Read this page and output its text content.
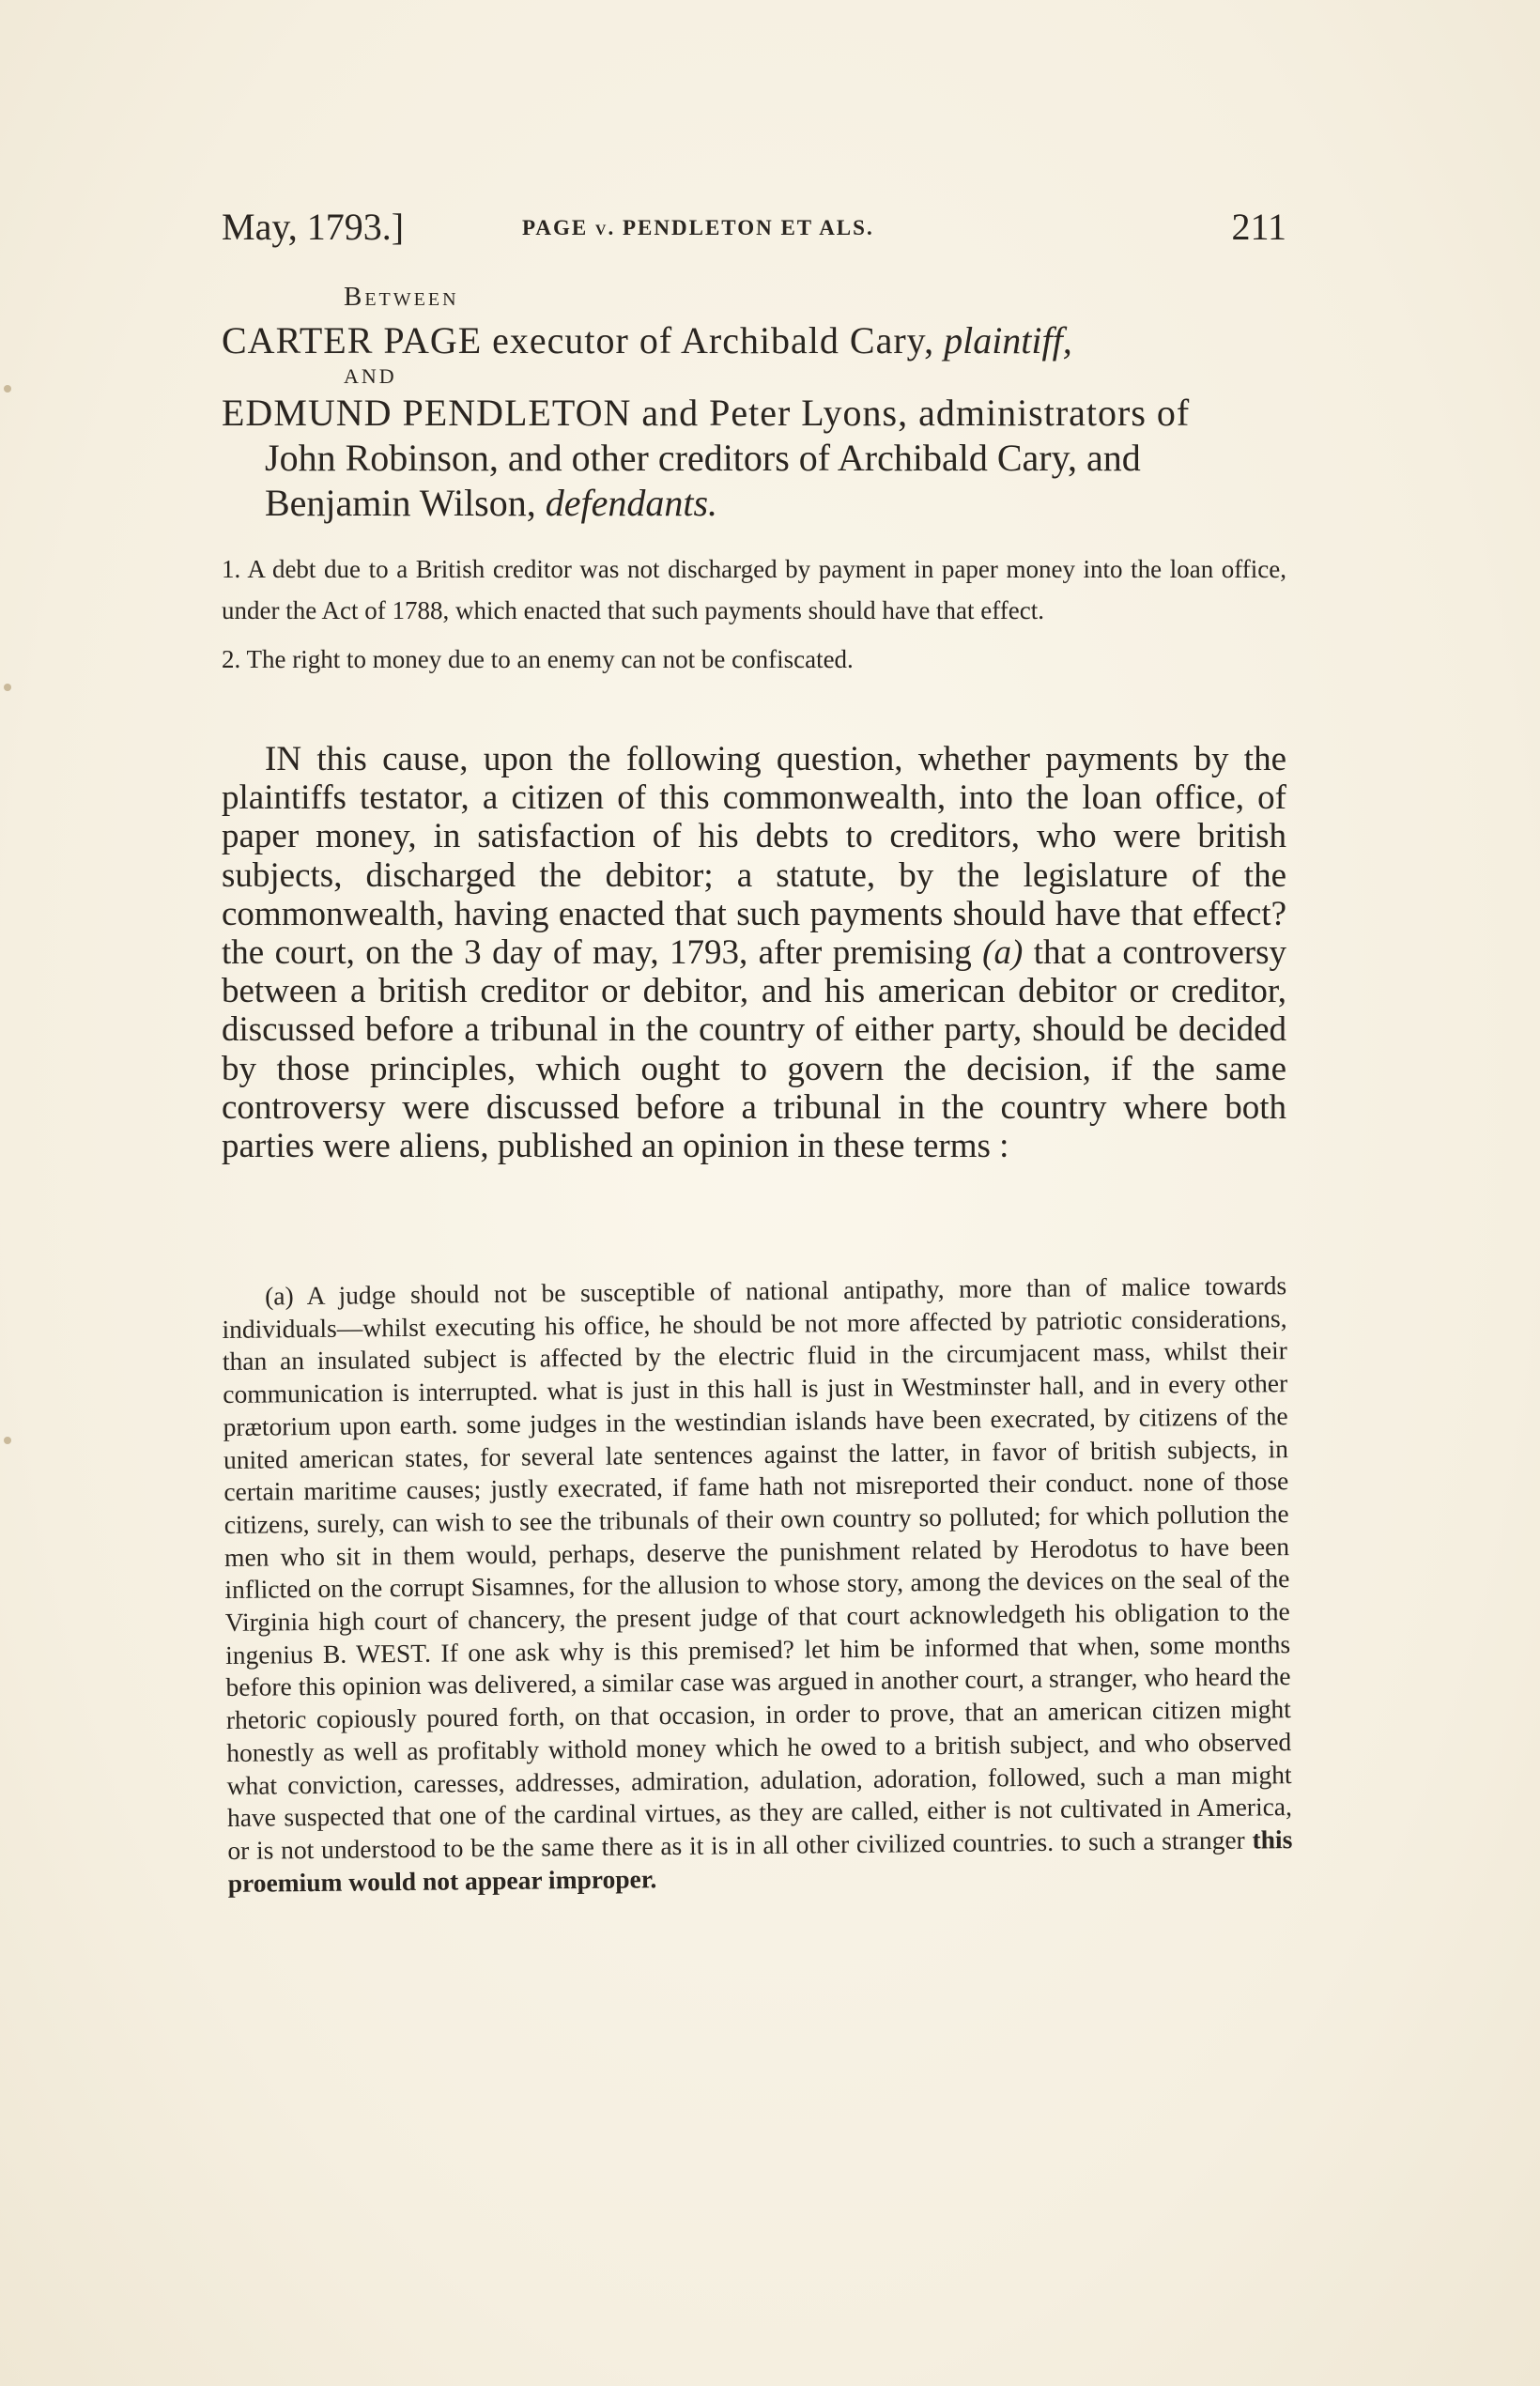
May, 1793.]	PAGE v. PENDLETON ET ALS.	211
Between
CARTER PAGE executor of Archibald Cary, plaintiff,
AND
EDMUND PENDLETON and Peter Lyons, administrators of
John Robinson, and other creditors of Archibald Cary, and
Benjamin Wilson, defendants.
1. A debt due to a British creditor was not discharged by payment in paper money into the loan office, under the Act of 1788, which enacted that such payments should have that effect.
2. The right to money due to an enemy can not be confiscated.
IN this cause, upon the following question, whether payments by the plaintiffs testator, a citizen of this commonwealth, into the loan office, of paper money, in satisfaction of his debts to creditors, who were british subjects, discharged the debitor; a statute, by the legislature of the commonwealth, having enacted that such payments should have that effect? the court, on the 3 day of may, 1793, after premising (a) that a controversy between a british creditor or debitor, and his american debitor or creditor, discussed before a tribunal in the country of either party, should be decided by those principles, which ought to govern the decision, if the same controversy were discussed before a tribunal in the country where both parties were aliens, published an opinion in these terms :
(a) A judge should not be susceptible of national antipathy, more than of malice towards individuals—whilst executing his office, he should be not more affected by patriotic considerations, than an insulated subject is affected by the electric fluid in the circumjacent mass, whilst their communication is interrupted. what is just in this hall is just in Westminster hall, and in every other prætorium upon earth. some judges in the westindian islands have been execrated, by citizens of the united american states, for several late sentences against the latter, in favor of british subjects, in certain maritime causes; justly execrated, if fame hath not misreported their conduct. none of those citizens, surely, can wish to see the tribunals of their own country so polluted; for which pollution the men who sit in them would, perhaps, deserve the punishment related by Herodotus to have been inflicted on the corrupt Sisamnes, for the allusion to whose story, among the devices on the seal of the Virginia high court of chancery, the present judge of that court acknowledgeth his obligation to the ingenius B. WEST. If one ask why is this premised? let him be informed that when, some months before this opinion was delivered, a similar case was argued in another court, a stranger, who heard the rhetoric copiously poured forth, on that occasion, in order to prove, that an american citizen might honestly as well as profitably withold money which he owed to a british subject, and who observed what conviction, caresses, addresses, admiration, adulation, adoration, followed, such a man might have suspected that one of the cardinal virtues, as they are called, either is not cultivated in America, or is not understood to be the same there as it is in all other civilized countries. to such a stranger this proemium would not appear improper.
